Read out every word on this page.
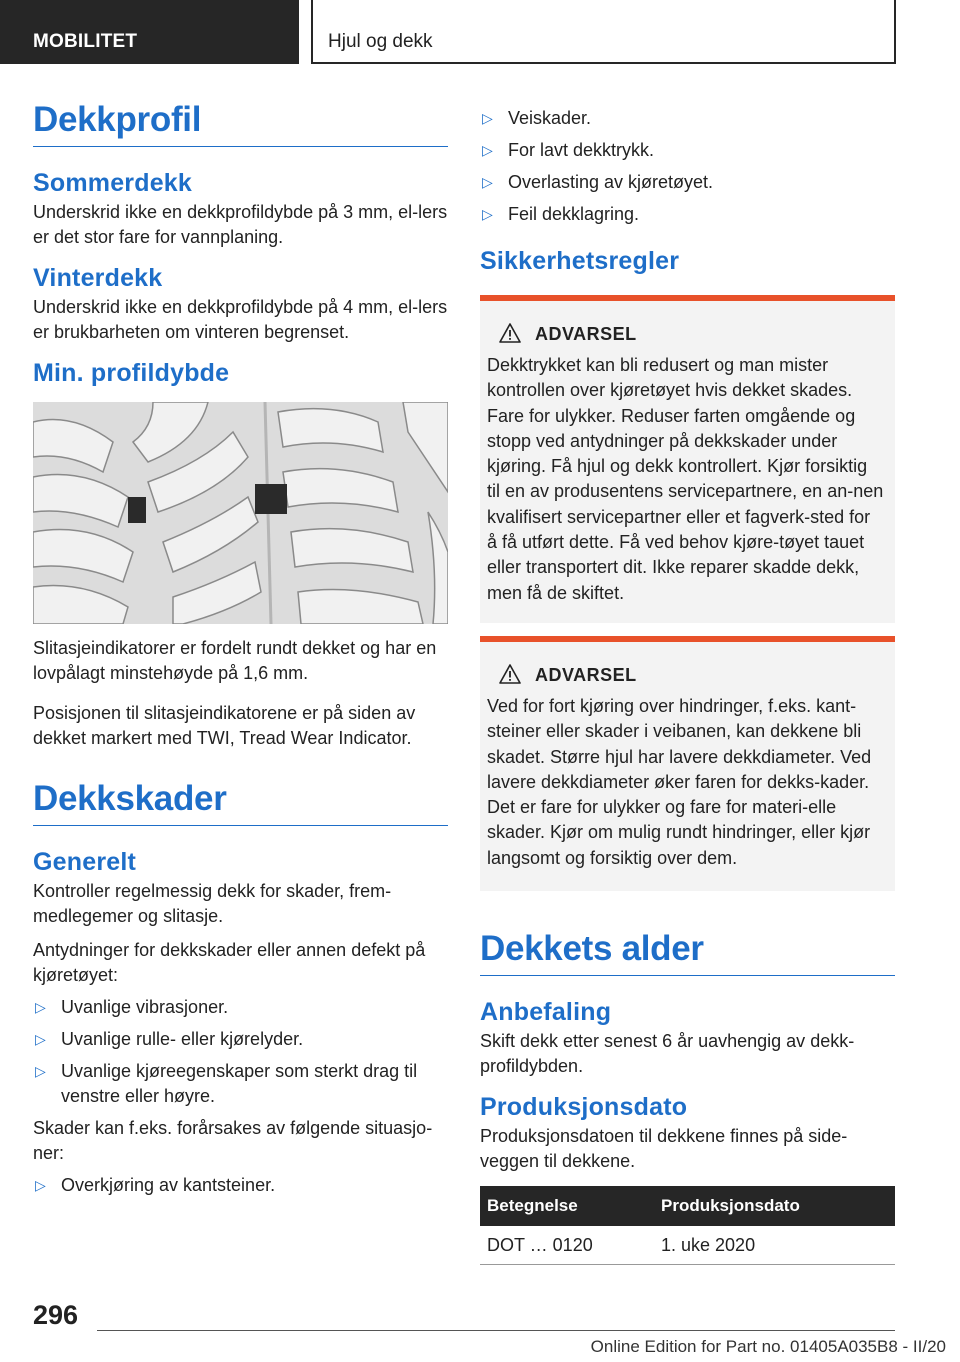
MOBILITET	Hjul og dekk
Dekkprofil
Sommerdekk

Underskrid ikke en dekkprofildybde på 3 mm, el‐lers er det stor fare for vannplaning.

Vinterdekk

Underskrid ikke en dekkprofildybde på 4 mm, el‐lers er brukbarheten om vinteren begrenset.

Min. profildybde

Slitasjeindikatorer er fordelt rundt dekket og har en lovpålagt minstehøyde på 1,6 mm.

Posisjonen til slitasjeindikatorene er på siden av dekket markert med TWI, Tread Wear Indicator.

Dekkskader
Generelt

Kontroller regelmessig dekk for skader, frem‐medlegemer og slitasje.

Antydninger for dekkskader eller annen defekt på kjøretøyet:

▷ Uvanlige vibrasjoner.
▷ Uvanlige rulle- eller kjørelyder.
▷ Uvanlige kjøreegenskaper som sterkt drag til venstre eller høyre.

Skader kan f.eks. forårsakes av følgende situasjo‐ner:

▷ Overkjøring av kantsteiner.
▷ Veiskader.
▷ For lavt dekktrykk.
▷ Overlasting av kjøretøyet.
▷ Feil dekklagring.
Sikkerhetsregler
ADVARSEL
Dekktrykket kan bli redusert og man mister kontrollen over kjøretøyet hvis dekket skades. Fare for ulykker. Reduser farten omgående og stopp ved antydninger på dekkskader under kjøring. Få hjul og dekk kontrollert. Kjør forsiktig til en av produsentens servicepartnere, en an‐nen kvalifisert servicepartner eller et fagverk‐sted for å få utført dette. Få ved behov kjøre‐tøyet tauet eller transportert dit. Ikke reparer skadde dekk, men få de skiftet.
ADVARSEL
Ved for fort kjøring over hindringer, f.eks. kant‐steiner eller skader i veibanen, kan dekkene bli skadet. Større hjul har lavere dekkdiameter. Ved lavere dekkdiameter øker faren for dekks‐kader. Det er fare for ulykker og fare for materi‐elle skader. Kjør om mulig rundt hindringer, eller kjør langsomt og forsiktig over dem.
Dekkets alder
Anbefaling

Skift dekk etter senest 6 år uavhengig av dekk‐profildybden.

Produksjonsdato

Produksjonsdatoen til dekkene finnes på side‐veggen til dekkene.

Betegnelse	Produksjonsdato
DOT … 0120	1. uke 2020
296
Online Edition for Part no. 01405A035B8 - II/20
